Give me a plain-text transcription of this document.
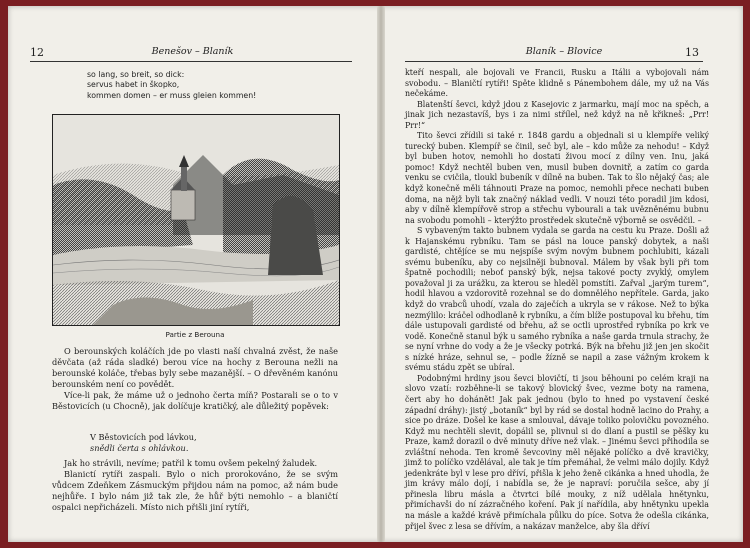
12	Benešov – Blaník
so lang, so breit, so dick:
servus habet in škopko,
kommen domen – er muss gleien kommen!
Partie z Berouna

O berounských koláčích jde po vlasti naší chvalná zvěst, že naše děvčata (až ráda sladké) berou více na hochy z Berouna nežli na berounské koláče, třebas byly sebe mazanější. – O dřevěném kanónu berounském není co povědět.

Více-li pak, že máme už o jednoho čerta míň? Postarali se o to v Běstovicích (u Chocně), jak dolíčuje kratičký, ale důležitý popěvek:

V Běstovicích pod lávkou,
snědli čerta s ohlávkou.

Jak ho strávili, nevíme; patřil k tomu ovšem pekelný žaludek.

Blanictí rytíři zaspali. Bylo o nich prorokováno, že se svým vůdcem Zdeňkem Zásmuckým přijdou nám na pomoc, až nám bude nejhůře. I bylo nám již tak zle, že hůř býti nemohlo – a blaničtí ospalci nepřicházeli. Místo nich přišli jiní rytíři,

Blaník – Blovice	13

kteří nespali, ale bojovali ve Francii, Rusku a Itálii a vybojovali nám svobodu. – Blaničtí rytíři! Spěte klidně s Pánembohem dále, my už na Vás nečekáme.

Blatenští ševci, když jdou z Kasejovic z jarmarku, mají moc na spěch, a jinak jich nezastavíš, bys i za nimi střílel, než když na ně křikneš: „Prr! Prr!“

Tito ševci zřídili si také r. 1848 gardu a objednali si u klempíře veliký turecký buben. Klempíř se činil, seč byl, ale – kdo může za nehodu! – Když byl buben hotov, nemohli ho dostati živou mocí z dílny ven. Inu, jaká pomoc! Když nechtěl buben ven, musil buben dovnitř, a zatím co garda venku se cvičila, tloukl bubeník v dílně na buben. Tak to šlo nějaký čas; ale když konečně měli táhnouti Praze na pomoc, nemohli přece nechati buben doma, na nějž byli tak značný náklad vedli. V nouzi této poradil jim kdosi, aby v dílně klempířově strop a střechu vybourali a tak uvězněnému bubnu na svobodu pomohli – kterýžto prostředek skutečně výborně se osvědčil. –

S vybaveným takto bubnem vydala se garda na cestu ku Praze. Došli až k Hajanskému rybníku. Tam se pásl na louce panský dobytek, a naši gardisté, chtějíce se mu nejspíše svým novým bubnem pochlubiti, kázali svému bubeníku, aby co nejsilněji bubnoval. Málem by však byli při tom špatně pochodili; neboť panský býk, nejsa takové pocty zvyklý, omylem považoval ji za urážku, za kterou se hleděl pomstíti. Zařval „jarým turem“, hodil hlavou a vzdorovitě rozehnal se do domnělého nepřítele. Garda, jako když do vrabců uhodí, vzala do zaječích a ukryla se v rákose. Než to býka nezmýlilo: kráčel odhodlaně k rybníku, a čím blíže postupoval ku břehu, tím dále ustupovali gardisté od břehu, až se octli uprostřed rybníka po krk ve vodě. Konečně stanul býk u samého rybníka a naše garda trnula strachy, že se nyní vrhne do vody a že je všecky potrká. Býk na břehu již jen jen skočit s nízké hráze, sehnul se, – podle žízně se napil a zase vážným krokem k svému stádu zpět se ubíral.

Podobnými hrdiny jsou ševci blovičtí, ti jsou běhouni po celém kraji na slovo vzatí: rozběhne-li se takový blovický švec, vezme boty na ramena, čert aby ho dohánět! Jak pak jednou (bylo to hned po vystavení české západní dráhy): jistý „botaník“ byl by rád se dostal hodně lacino do Prahy, a sice po dráze. Došel ke kase a smlouval, dávaje toliko polovičku povozného. Když mu nechtěli slevit, dopálil se, plivnul si do dlaní a pustil se pěšky ku Praze, kamž dorazil o dvě minuty dříve než vlak. – Jinému ševci přihodila se zvláštní nehoda. Ten kromě ševcoviny měl nějaké políčko a dvě kravičky, jimž to políčko vzdělával, ale tak je tím přemáhal, že velmi málo dojily. Když jedenkráte byl v lese pro dříví, přišla k jeho ženě cikánka a hned uhodla, že jim krávy málo dojí, i nabídla se, že je napraví: poručila sešce, aby jí přinesla libru másla a čtvrtci bílé mouky, z níž udělala hnětynku, přimíchavši do ní zázračného koření. Pak jí nařídila, aby hnětynku upekla na másle a každé krávě přimíchala půlku do píce. Sotva že odešla cikánka, přijel švec z lesa se dřívím, a nakázav manželce, aby šla dříví
